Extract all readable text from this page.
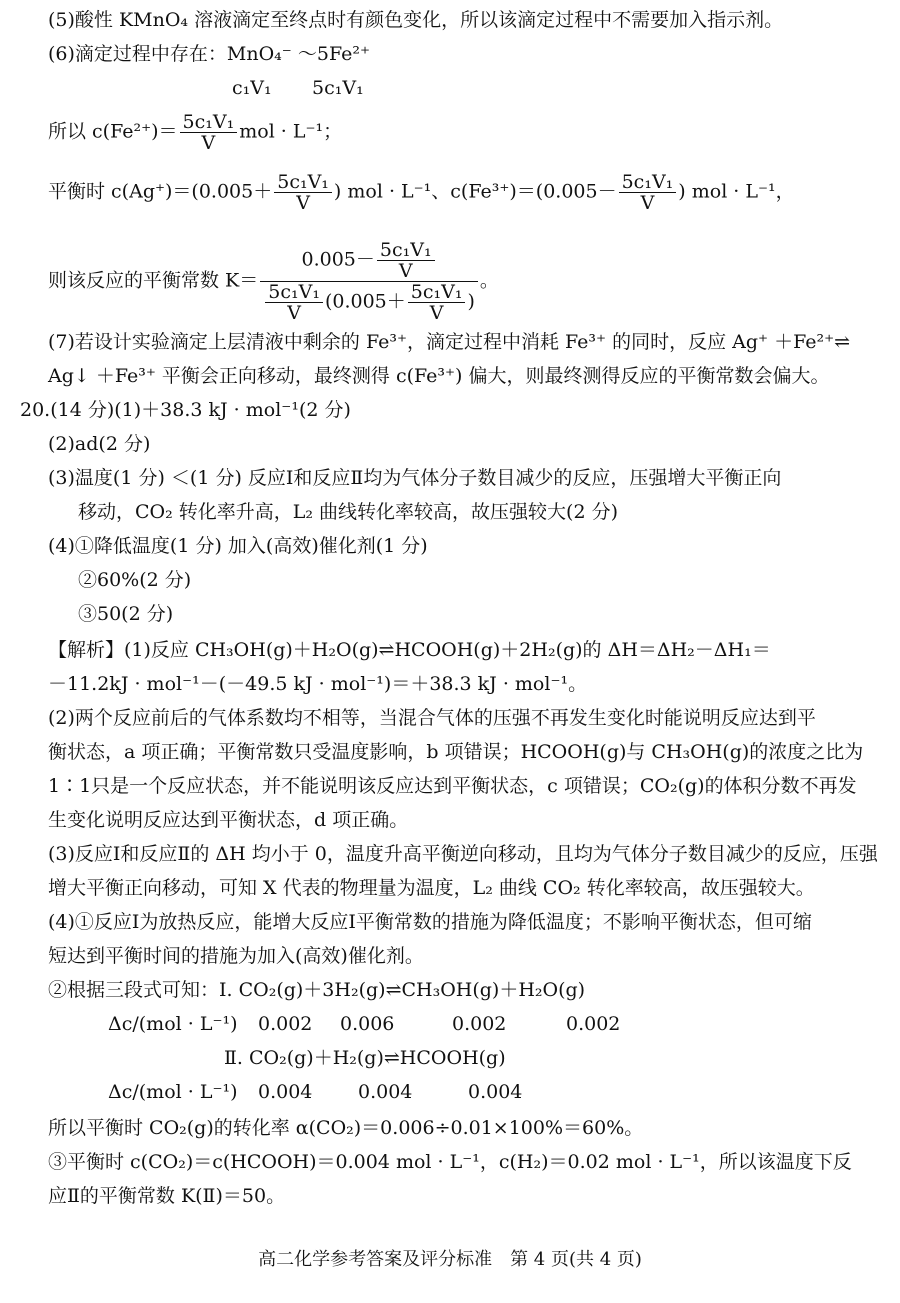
(5)酸性 KMnO₄ 溶液滴定至终点时有颜色变化，所以该滴定过程中不需要加入指示剂。
(6)滴定过程中存在：MnO₄⁻ ～5Fe²⁺
c₁V₁ 5c₁V₁
所以 $c(Fe^{2+})= \frac{\text{5c₁V₁}}{V}$ mol · L⁻¹；
平衡时 $c(Ag^+)=(0.005+ \frac{\text{5c₁V₁}}{V}$ ) mol · L⁻¹、$c(Fe^{3+})=(0.005- \frac{\text{5c₁V₁}}{V}$ ) mol · L⁻¹，
则该反应的平衡常数 $K= \frac{0.005- \frac{\text{5c₁V₁}}{V}}{\frac{\text{5c₁V₁}}{V} (0.005+ \frac{\text{5c₁V₁}}{V} )}$ 。
(7)若设计实验滴定上层清液中剩余的 Fe³⁺，滴定过程中消耗 Fe³⁺ 的同时，反应 Ag⁺ ＋Fe²⁺⇌
Ag↓ ＋Fe³⁺ 平衡会正向移动，最终测得 c(Fe³⁺) 偏大，则最终测得反应的平衡常数会偏大。
20.(14 分)(1)＋38.3 kJ · mol⁻¹(2 分)
(2)ad(2 分)
(3)温度(1 分) ＜(1 分) 反应Ⅰ和反应Ⅱ均为气体分子数目减少的反应，压强增大平衡正向
移动，CO₂ 转化率升高，L₂ 曲线转化率较高，故压强较大(2 分)
(4)①降低温度(1 分) 加入(高效)催化剂(1 分)
②60%(2 分)
③50(2 分)
【解析】(1)反应 CH₃OH(g)＋H₂O(g)⇌HCOOH(g)＋2H₂(g)的 ΔH＝ΔH₂－ΔH₁＝
－11.2kJ · mol⁻¹－(－49.5 kJ · mol⁻¹)＝＋38.3 kJ · mol⁻¹。
(2)两个反应前后的气体系数均不相等，当混合气体的压强不再发生变化时能说明反应达到平
衡状态，a 项正确；平衡常数只受温度影响，b 项错误；HCOOH(g)与 CH₃OH(g)的浓度之比为
1∶1只是一个反应状态，并不能说明该反应达到平衡状态，c 项错误；CO₂(g)的体积分数不再发
生变化说明反应达到平衡状态，d 项正确。
(3)反应Ⅰ和反应Ⅱ的 ΔH 均小于 0，温度升高平衡逆向移动，且均为气体分子数目减少的反应，压强
增大平衡正向移动，可知 X 代表的物理量为温度，L₂ 曲线 CO₂ 转化率较高，故压强较大。
(4)①反应Ⅰ为放热反应，能增大反应Ⅰ平衡常数的措施为降低温度；不影响平衡状态，但可缩
短达到平衡时间的措施为加入(高效)催化剂。
②根据三段式可知：Ⅰ. CO₂(g)＋3H₂(g)⇌CH₃OH(g)＋H₂O(g)
Δc/(mol · L⁻¹) 0.002 0.006	0.002	0.002
Ⅱ. CO₂(g)＋H₂(g)⇌HCOOH(g)
Δc/(mol · L⁻¹) 0.004 0.004	0.004
所以平衡时 CO₂(g)的转化率 α(CO₂)＝0.006÷0.01×100%＝60%。
③平衡时 c(CO₂)＝c(HCOOH)＝0.004 mol · L⁻¹，c(H₂)＝0.02 mol · L⁻¹，所以该温度下反
应Ⅱ的平衡常数 K(Ⅱ)＝50。
高二化学参考答案及评分标准　第 4 页(共 4 页)
